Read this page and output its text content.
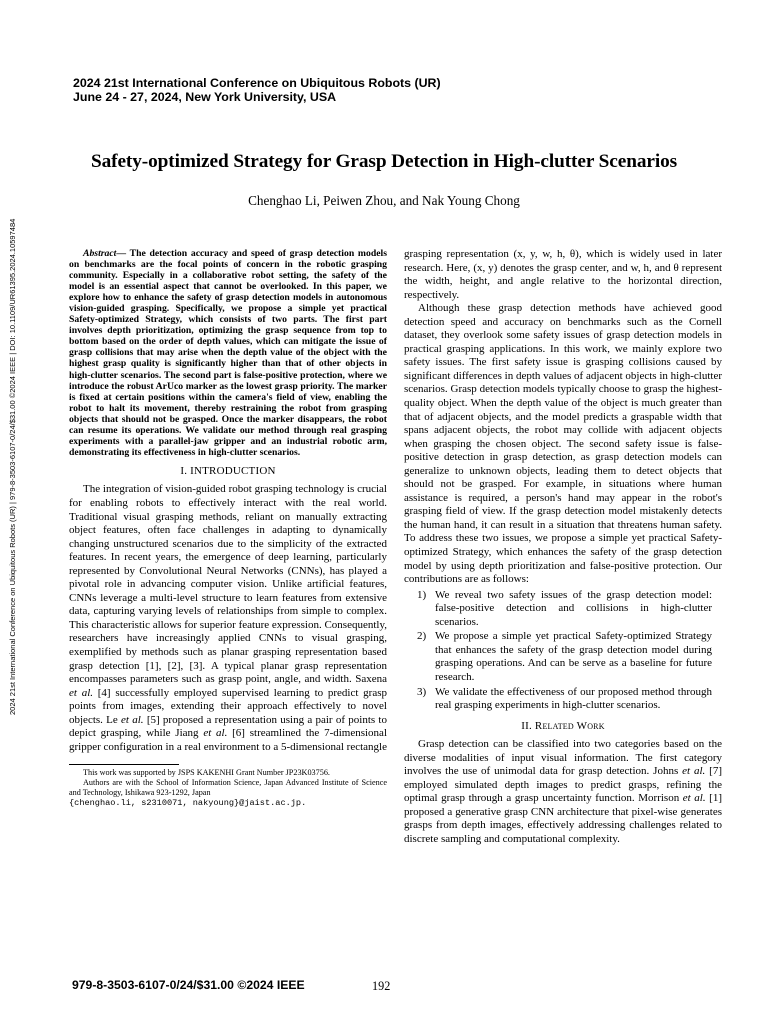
2024 21st International Conference on Ubiquitous Robots (UR)
June 24 - 27, 2024, New York University, USA
Safety-optimized Strategy for Grasp Detection in High-clutter Scenarios
Chenghao Li, Peiwen Zhou, and Nak Young Chong
2024 21st International Conference on Ubiquitous Robots (UR) | 979-8-3503-6107-0/24/$31.00 ©2024 IEEE | DOI: 10.1109/UR61395.2024.10597484	Abstract— The detection accuracy and speed of grasp detection models on benchmarks are the focal points of concern in the robotic grasping community. Especially in a collaborative robot setting, the safety of the model is an essential aspect that cannot be overlooked. In this paper, we explore how to enhance the safety of grasp detection models in autonomous vision-guided grasping. Specifically, we propose a simple yet practical Safety-optimized Strategy, which consists of two parts. The first part involves depth prioritization, optimizing the grasp sequence from top to bottom based on the order of depth values, which can mitigate the issue of grasp collisions that may arise when the depth value of the object with the highest grasp quality is significantly higher than that of other objects in high-clutter scenarios. The second part is false-positive protection, where we introduce the robust ArUco marker as the lowest grasp priority. The marker is fixed at certain positions within the camera's field of view, enabling the robot to halt its movement, thereby restraining the robot from grasping objects that should not be grasped. Once the marker disappears, the robot can resume its operations. We validate our method through real grasping experiments with a parallel-jaw gripper and an industrial robotic arm, demonstrating its effectiveness in high-clutter scenarios.

I. INTRODUCTION

The integration of vision-guided robot grasping technology is crucial for enabling robots to effectively interact with the real world. Traditional visual grasping methods, reliant on manually extracting object features, often face challenges in adapting to dynamically changing unstructured scenarios due to the simplicity of the extracted features. In recent years, the emergence of deep learning, particularly represented by Convolutional Neural Networks (CNNs), has played a pivotal role in advancing computer vision. Unlike artificial features, CNNs leverage a multi-level structure to learn features from extensive data, capturing varying levels of relationships from simple to complex. This characteristic allows for superior feature expression. Consequently, researchers have increasingly applied CNNs to visual grasping, exemplified by methods such as planar grasping representation based grasp detection [1], [2], [3]. A typical planar grasp representation encompasses parameters such as grasp point, angle, and width. Saxena et al. [4] successfully employed supervised learning to predict grasp points from images, extending their approach effectively to novel objects. Le et al. [5] proposed a representation using a pair of points to depict grasping, while Jiang et al. [6] streamlined the 7-dimensional gripper configuration in a real environment to a 5-dimensional rectangle

This work was supported by JSPS KAKENHI Grant Number JP23K03756.

Authors are with the School of Information Science, Japan Advanced Institute of Science and Technology, Ishikawa 923-1292, Japan

{chenghao.li, s2310071, nakyoung}@jaist.ac.jp.

grasping representation (x, y, w, h, θ), which is widely used in later research. Here, (x, y) denotes the grasp center, and w, h, and θ represent the width, height, and angle relative to the horizontal direction, respectively.

Although these grasp detection methods have achieved good detection speed and accuracy on benchmarks such as the Cornell dataset, they overlook some safety issues of grasp detection models in practical grasping applications. In this work, we mainly explore two safety issues. The first safety issue is grasping collisions caused by significant differences in depth values of adjacent objects in high-clutter scenarios. Grasp detection models typically choose to grasp the highest-quality object. When the depth value of the object is much greater than that of adjacent objects, and the model predicts a graspable width that spans adjacent objects, the robot may collide with adjacent objects when grasping the chosen object. The second safety issue is false-positive detection in grasp detection, as grasp detection models can generalize to unknown objects, leading them to detect objects that should not be grasped. For example, in situations where human assistance is required, a person's hand may appear in the robot's grasping field of view. If the grasp detection model mistakenly detects the human hand, it can result in a situation that threatens human safety. To address these two issues, we propose a simple yet practical Safety-optimized Strategy, which enhances the safety of the grasp detection model by using depth prioritization and false-positive protection. Our contributions are as follows:

1) We reveal two safety issues of the grasp detection model: false-positive detection and collisions in high-clutter scenarios.
2) We propose a simple yet practical Safety-optimized Strategy that enhances the safety of the grasp detection model during grasping operations. And can be serve as a baseline for future research.
3) We validate the effectiveness of our proposed method through real grasping experiments in high-clutter scenarios.
II. Related Work

Grasp detection can be classified into two categories based on the diverse modalities of input visual information. The first category involves the use of unimodal data for grasp detection. Johns et al. [7] employed simulated depth images to predict grasps, refining the optimal grasp through a grasp uncertainty function. Morrison et al. [1] proposed a generative grasp CNN architecture that pixel-wise generates grasps from depth images, effectively addressing challenges related to discrete sampling and computational complexity.

979-8-3503-6107-0/24/$31.00 ©2024 IEEE	192
